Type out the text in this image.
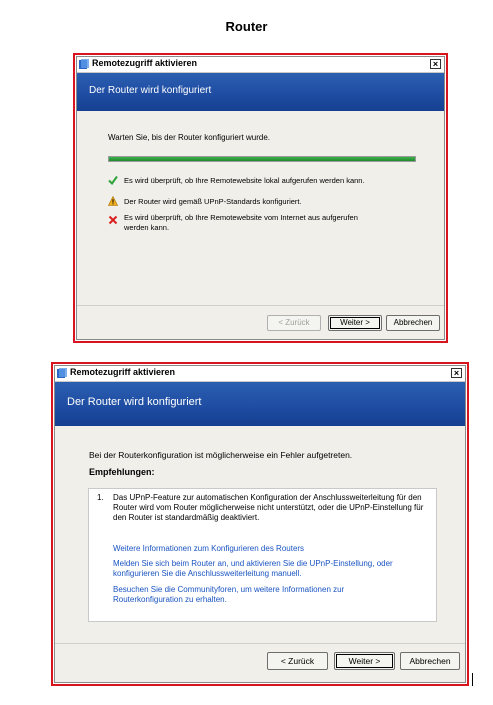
Router
Remotezugriff aktivieren	×
Der Router wird konfiguriert
Warten Sie, bis der Router konfiguriert wurde.
Es wird überprüft, ob Ihre Remotewebsite lokal aufgerufen werden kann.
Der Router wird gemäß UPnP-Standards konfiguriert.
Es wird überprüft, ob Ihre Remotewebsite vom Internet aus aufgerufen werden kann.
< Zurück	Weiter >	Abbrechen
Remotezugriff aktivieren	×
Der Router wird konfiguriert
Bei der Routerkonfiguration ist möglicherweise ein Fehler aufgetreten.
Empfehlungen:
1. Das UPnP-Feature zur automatischen Konfiguration der Anschlussweiterleitung für den Router wird vom Router möglicherweise nicht unterstützt, oder die UPnP-Einstellung für den Router ist standardmäßig deaktiviert.
Weitere Informationen zum Konfigurieren des Routers
Melden Sie sich beim Router an, und aktivieren Sie die UPnP-Einstellung, oder konfigurieren Sie die Anschlussweiterleitung manuell.
Besuchen Sie die Communityforen, um weitere Informationen zur Routerkonfiguration zu erhalten.
< Zurück	Weiter >	Abbrechen
